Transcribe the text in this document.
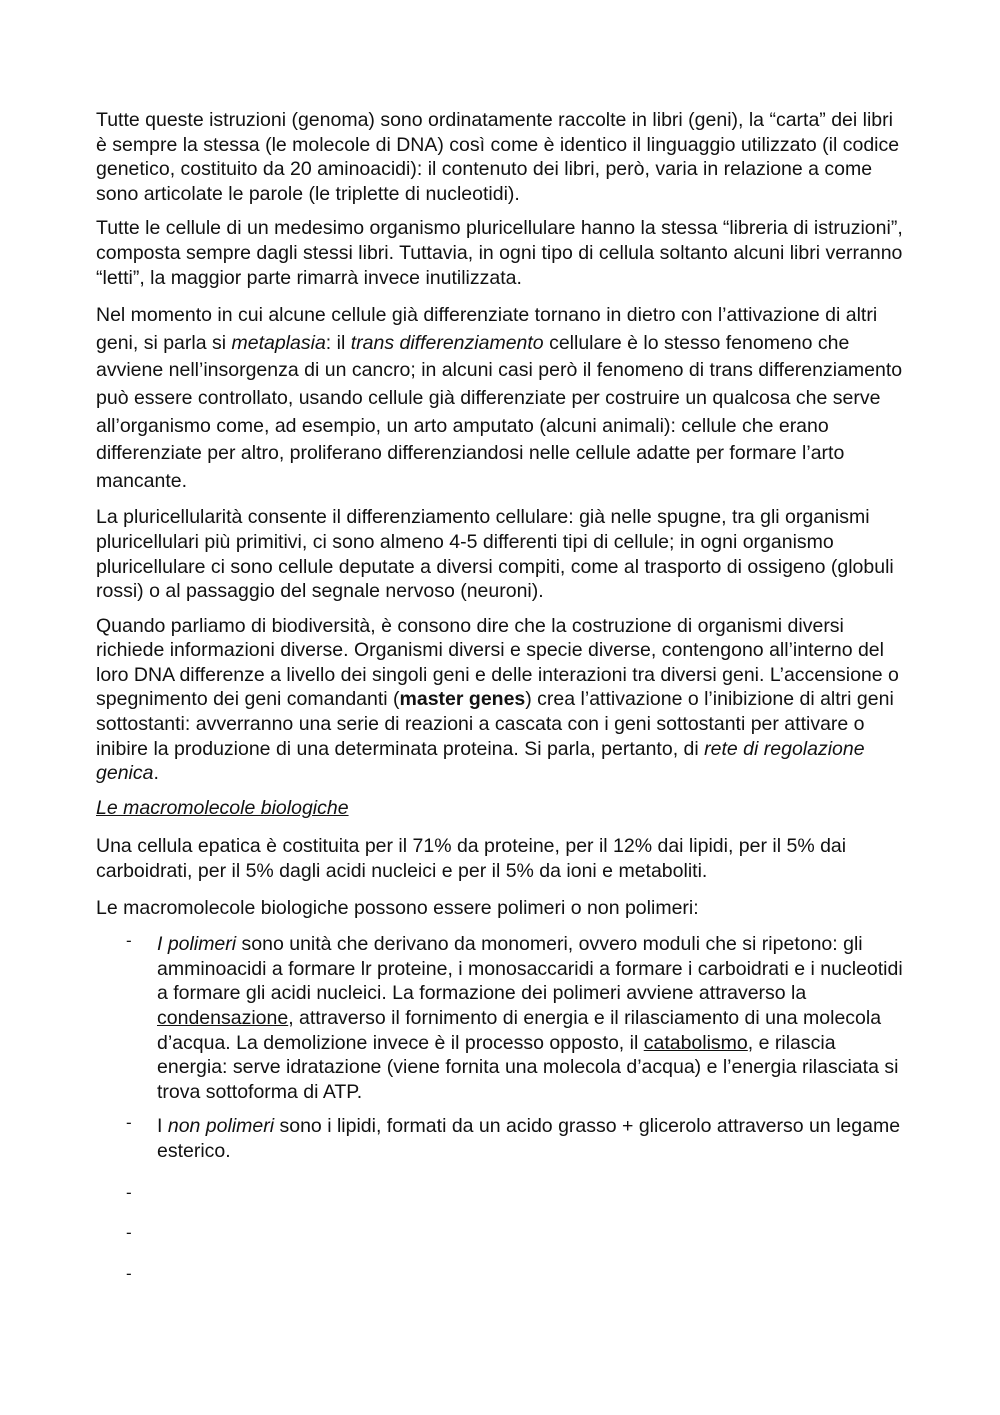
Tutte queste istruzioni (genoma) sono ordinatamente raccolte in libri (geni), la “carta” dei libri è sempre la stessa (le molecole di DNA) così come è identico il linguaggio utilizzato (il codice genetico, costituito da 20 aminoacidi): il contenuto dei libri, però, varia in relazione a come sono articolate le parole (le triplette di nucleotidi).

Tutte le cellule di un medesimo organismo pluricellulare hanno la stessa “libreria di istruzioni”, composta sempre dagli stessi libri. Tuttavia, in ogni tipo di cellula soltanto alcuni libri verranno “letti”, la maggior parte rimarrà invece inutilizzata.

Nel momento in cui alcune cellule già differenziate tornano in dietro con l’attivazione di altri geni, si parla si metaplasia: il trans differenziamento cellulare è lo stesso fenomeno che avviene nell’insorgenza di un cancro; in alcuni casi però il fenomeno di trans differenziamento può essere controllato, usando cellule già differenziate per costruire un qualcosa che serve all’organismo come, ad esempio, un arto amputato (alcuni animali): cellule che erano differenziate per altro, proliferano differenziandosi nelle cellule adatte per formare l’arto mancante.

La pluricellularità consente il differenziamento cellulare: già nelle spugne, tra gli organismi pluricellulari più primitivi, ci sono almeno 4-5 differenti tipi di cellule; in ogni organismo pluricellulare ci sono cellule deputate a diversi compiti, come al trasporto di ossigeno (globuli rossi) o al passaggio del segnale nervoso (neuroni).

Quando parliamo di biodiversità, è consono dire che la costruzione di organismi diversi richiede informazioni diverse. Organismi diversi e specie diverse, contengono all’interno del loro DNA differenze a livello dei singoli geni e delle interazioni tra diversi geni. L’accensione o spegnimento dei geni comandanti (master genes) crea l’attivazione o l’inibizione di altri geni sottostanti: avverranno una serie di reazioni a cascata con i geni sottostanti per attivare o inibire la produzione di una determinata proteina. Si parla, pertanto, di rete di regolazione genica.

Le macromolecole biologiche

Una cellula epatica è costituita per il 71% da proteine, per il 12% dai lipidi, per il 5% dai carboidrati, per il 5% dagli acidi nucleici e per il 5% da ioni e metaboliti.

Le macromolecole biologiche possono essere polimeri o non polimeri:

- I polimeri sono unità che derivano da monomeri, ovvero moduli che si ripetono: gli amminoacidi a formare lr proteine, i monosaccaridi a formare i carboidrati e i nucleotidi a formare gli acidi nucleici. La formazione dei polimeri avviene attraverso la condensazione, attraverso il fornimento di energia e il rilasciamento di una molecola d’acqua. La demolizione invece è il processo opposto, il catabolismo, e rilascia energia: serve idratazione (viene fornita una molecola d’acqua) e l’energia rilasciata si trova sottoforma di ATP.
- I non polimeri sono i lipidi, formati da un acido grasso + glicerolo attraverso un legame esterico.
-
-
-
